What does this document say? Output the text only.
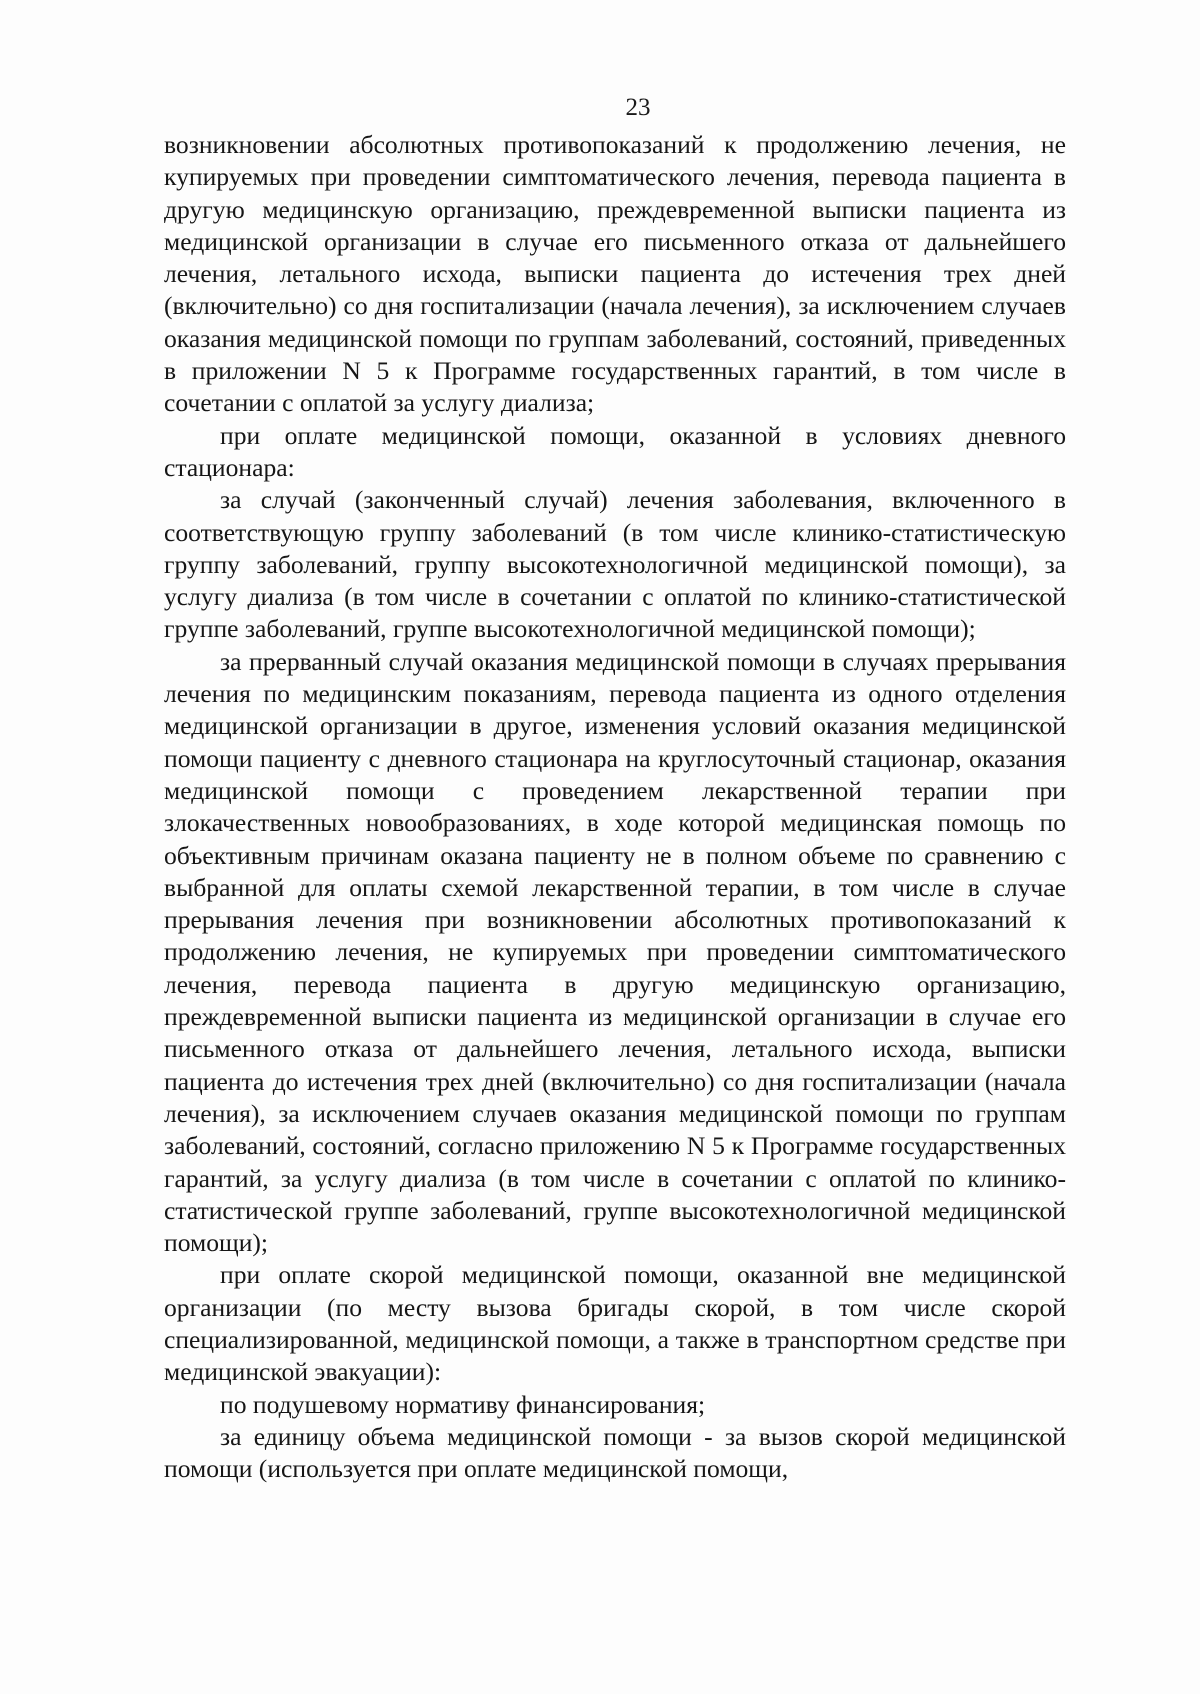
23

возникновении абсолютных противопоказаний к продолжению лечения, не купируемых при проведении симптоматического лечения, перевода пациента в другую медицинскую организацию, преждевременной выписки пациента из медицинской организации в случае его письменного отказа от дальнейшего лечения, летального исхода, выписки пациента до истечения трех дней (включительно) со дня госпитализации (начала лечения), за исключением случаев оказания медицинской помощи по группам заболеваний, состояний, приведенных в приложении N 5 к Программе государственных гарантий, в том числе в сочетании с оплатой за услугу диализа;

при оплате медицинской помощи, оказанной в условиях дневного стационара:

за случай (законченный случай) лечения заболевания, включенного в соответствующую группу заболеваний (в том числе клинико-статистическую группу заболеваний, группу высокотехнологичной медицинской помощи), за услугу диализа (в том числе в сочетании с оплатой по клинико-статистической группе заболеваний, группе высокотехнологичной медицинской помощи);

за прерванный случай оказания медицинской помощи в случаях прерывания лечения по медицинским показаниям, перевода пациента из одного отделения медицинской организации в другое, изменения условий оказания медицинской помощи пациенту с дневного стационара на круглосуточный стационар, оказания медицинской помощи с проведением лекарственной терапии при злокачественных новообразованиях, в ходе которой медицинская помощь по объективным причинам оказана пациенту не в полном объеме по сравнению с выбранной для оплаты схемой лекарственной терапии, в том числе в случае прерывания лечения при возникновении абсолютных противопоказаний к продолжению лечения, не купируемых при проведении симптоматического лечения, перевода пациента в другую медицинскую организацию, преждевременной выписки пациента из медицинской организации в случае его письменного отказа от дальнейшего лечения, летального исхода, выписки пациента до истечения трех дней (включительно) со дня госпитализации (начала лечения), за исключением случаев оказания медицинской помощи по группам заболеваний, состояний, согласно приложению N 5 к Программе государственных гарантий, за услугу диализа (в том числе в сочетании с оплатой по клинико-статистической группе заболеваний, группе высокотехнологичной медицинской помощи);

при оплате скорой медицинской помощи, оказанной вне медицинской организации (по месту вызова бригады скорой, в том числе скорой специализированной, медицинской помощи, а также в транспортном средстве при медицинской эвакуации):

по подушевому нормативу финансирования;

за единицу объема медицинской помощи - за вызов скорой медицинской помощи (используется при оплате медицинской помощи,
